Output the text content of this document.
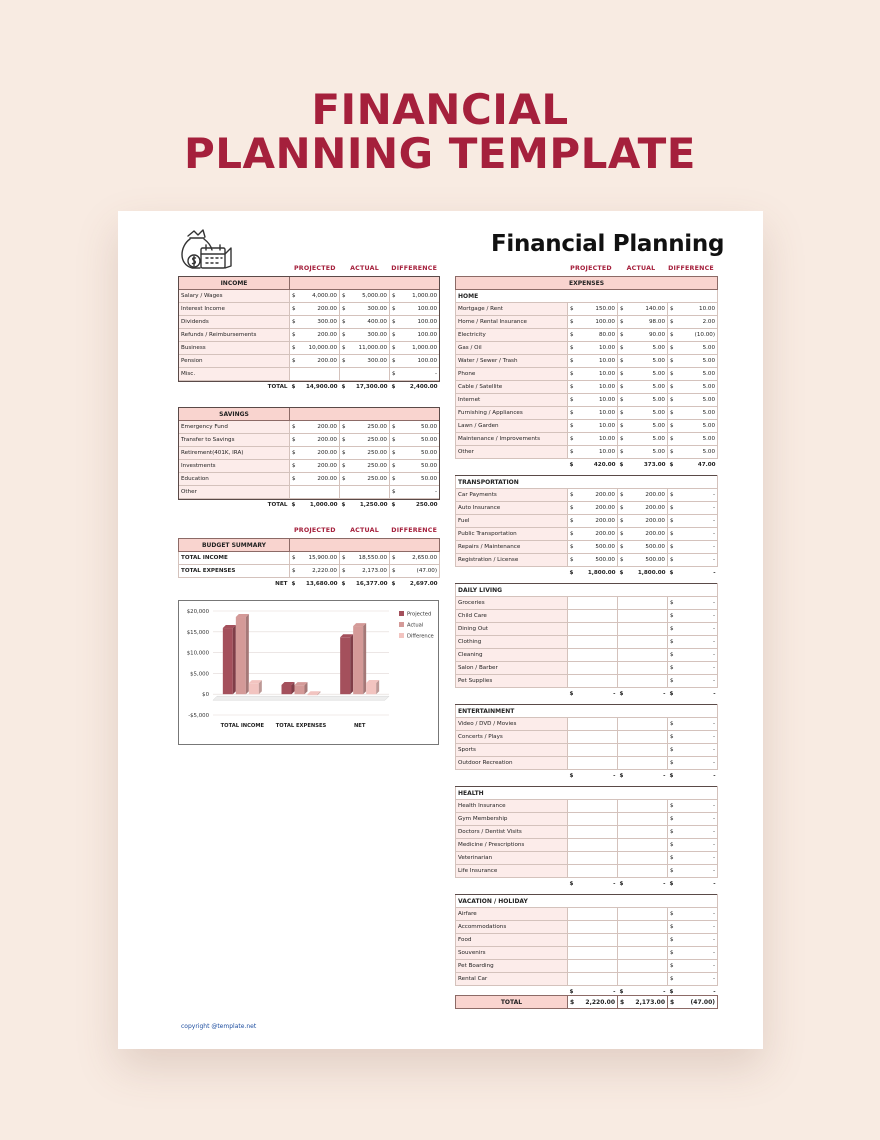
FINANCIAL
PLANNING TEMPLATE
Financial Planning
PROJECTED	ACTUAL	DIFFERENCE
INCOME			
Salary / Wages	$ 4,000.00	$ 5,000.00	$ 1,000.00

Interest Income	$ 200.00	$ 300.00	$ 100.00

Dividends	$ 300.00	$ 400.00	$ 100.00

Refunds / Reimbursements	$ 200.00	$ 300.00	$ 100.00

Business	$ 10,000.00	$ 11,000.00	$ 1,000.00

Pension	$ 200.00	$ 300.00	$ 100.00

Misc.			$ -

TOTAL	$ 14,900.00	$ 17,300.00	$ 2,400.00
SAVINGS			
Emergency Fund	$ 200.00	$ 250.00	$ 50.00

Transfer to Savings	$ 200.00	$ 250.00	$ 50.00

Retirement(401K, IRA)	$ 200.00	$ 250.00	$ 50.00

Investments	$ 200.00	$ 250.00	$ 50.00

Education	$ 200.00	$ 250.00	$ 50.00

Other			$ -

TOTAL	$ 1,000.00	$ 1,250.00	$ 250.00
PROJECTED	ACTUAL	DIFFERENCE
BUDGET SUMMARY			
TOTAL INCOME	$ 15,900.00	$ 18,550.00	$ 2,650.00

TOTAL EXPENSES	$ 2,220.00	$ 2,173.00	$ (47.00)

NET	$ 13,680.00	$ 16,377.00	$ 2,697.00
$20,000
$15,000
$10,000
$5,000
$0
-$5,000
TOTAL INCOME TOTAL EXPENSES	NET
Projected
Actual
Difference
PROJECTED	ACTUAL	DIFFERENCE
EXPENSES			
HOME			
Mortgage / Rent	$ 150.00	$ 140.00	$ 10.00

Home / Rental Insurance	$ 100.00	$ 98.00	$ 2.00

Electricity	$ 80.00	$ 90.00	$ (10.00)

Gas / Oil	$ 10.00	$ 5.00	$ 5.00

Water / Sewer / Trash	$ 10.00	$ 5.00	$ 5.00

Phone	$ 10.00	$ 5.00	$ 5.00

Cable / Satellite	$ 10.00	$ 5.00	$ 5.00

Internet	$ 10.00	$ 5.00	$ 5.00

Furnishing / Appliances	$ 10.00	$ 5.00	$ 5.00

Lawn / Garden	$ 10.00	$ 5.00	$ 5.00

Maintenance / Improvements	$ 10.00	$ 5.00	$ 5.00

Other	$ 10.00	$ 5.00	$ 5.00

	$ 420.00	$ 373.00	$ 47.00

TRANSPORTATION			
Car Payments	$ 200.00	$ 200.00	$ -

Auto Insurance	$ 200.00	$ 200.00	$ -

Fuel	$ 200.00	$ 200.00	$ -

Public Transportation	$ 200.00	$ 200.00	$ -

Repairs / Maintenance	$ 500.00	$ 500.00	$ -

Registration / License	$ 500.00	$ 500.00	$ -

	$ 1,800.00	$ 1,800.00	$ -

DAILY LIVING			
Groceries			$ -

Child Care			$ -

Dining Out			$ -

Clothing			$ -

Cleaning			$ -

Salon / Barber			$ -

Pet Supplies			$ -

	$ -	$ -	$ -

ENTERTAINMENT			
Video / DVD / Movies			$ -

Concerts / Plays			$ -

Sports			$ -

Outdoor Recreation			$ -

	$ -	$ -	$ -

HEALTH			
Health Insurance			$ -

Gym Membership			$ -

Doctors / Dentist Visits			$ -

Medicine / Prescriptions			$ -

Veterinarian			$ -

Life Insurance			$ -

	$ -	$ -	$ -

VACATION / HOLIDAY			
Airfare			$ -

Accommodations			$ -

Food			$ -

Souvenirs			$ -

Pet Boarding			$ -

Rental Car			$ -

	$ -	$ -	$ -
TOTAL	$ 2,220.00	$ 2,173.00	$	(47.00)
copyright @template.net
